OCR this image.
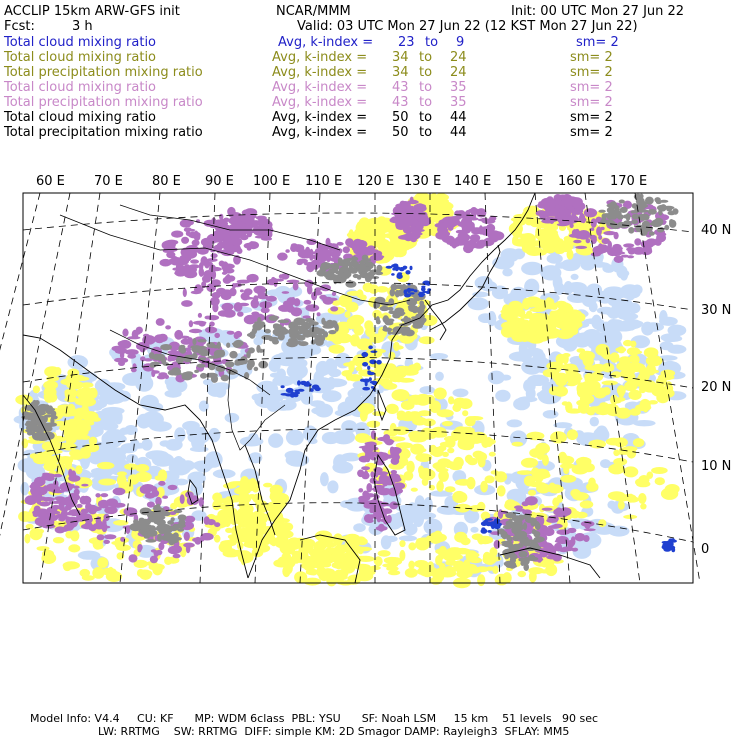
ACCLIP 15km ARW-GFS init	NCAR/MMM	Init: 00 UTC Mon 27 Jun 22
Fcst:	3 h	Valid: 03 UTC Mon 27 Jun 22 (12 KST Mon 27 Jun 22)
Total cloud mixing ratio	Avg, k-index = 23 to 9	sm= 2
Total cloud mixing ratio	Avg, k-index = 34 to 24	sm= 2
Total precipitation mixing ratio	Avg, k-index = 34 to 24	sm= 2
Total cloud mixing ratio	Avg, k-index = 43 to 35	sm= 2
Total precipitation mixing ratio	Avg, k-index = 43 to 35	sm= 2
Total cloud mixing ratio	Avg, k-index = 50 to 44	sm= 2
Total precipitation mixing ratio	Avg, k-index = 50 to 44	sm= 2
60 E 70 E 80 E 90 E 100 E 110 E 120 E 130 E 140 E 150 E 160 E 170 E
40 N
30 N
20 N
10 N
0
Model Info: V4.4     CU: KF      MP: WDM 6class  PBL: YSU      SF: Noah LSM     15 km    51 levels   90 sec
LW: RRTMG    SW: RRTMG  DIFF: simple KM: 2D Smagor DAMP: Rayleigh3  SFLAY: MM5
